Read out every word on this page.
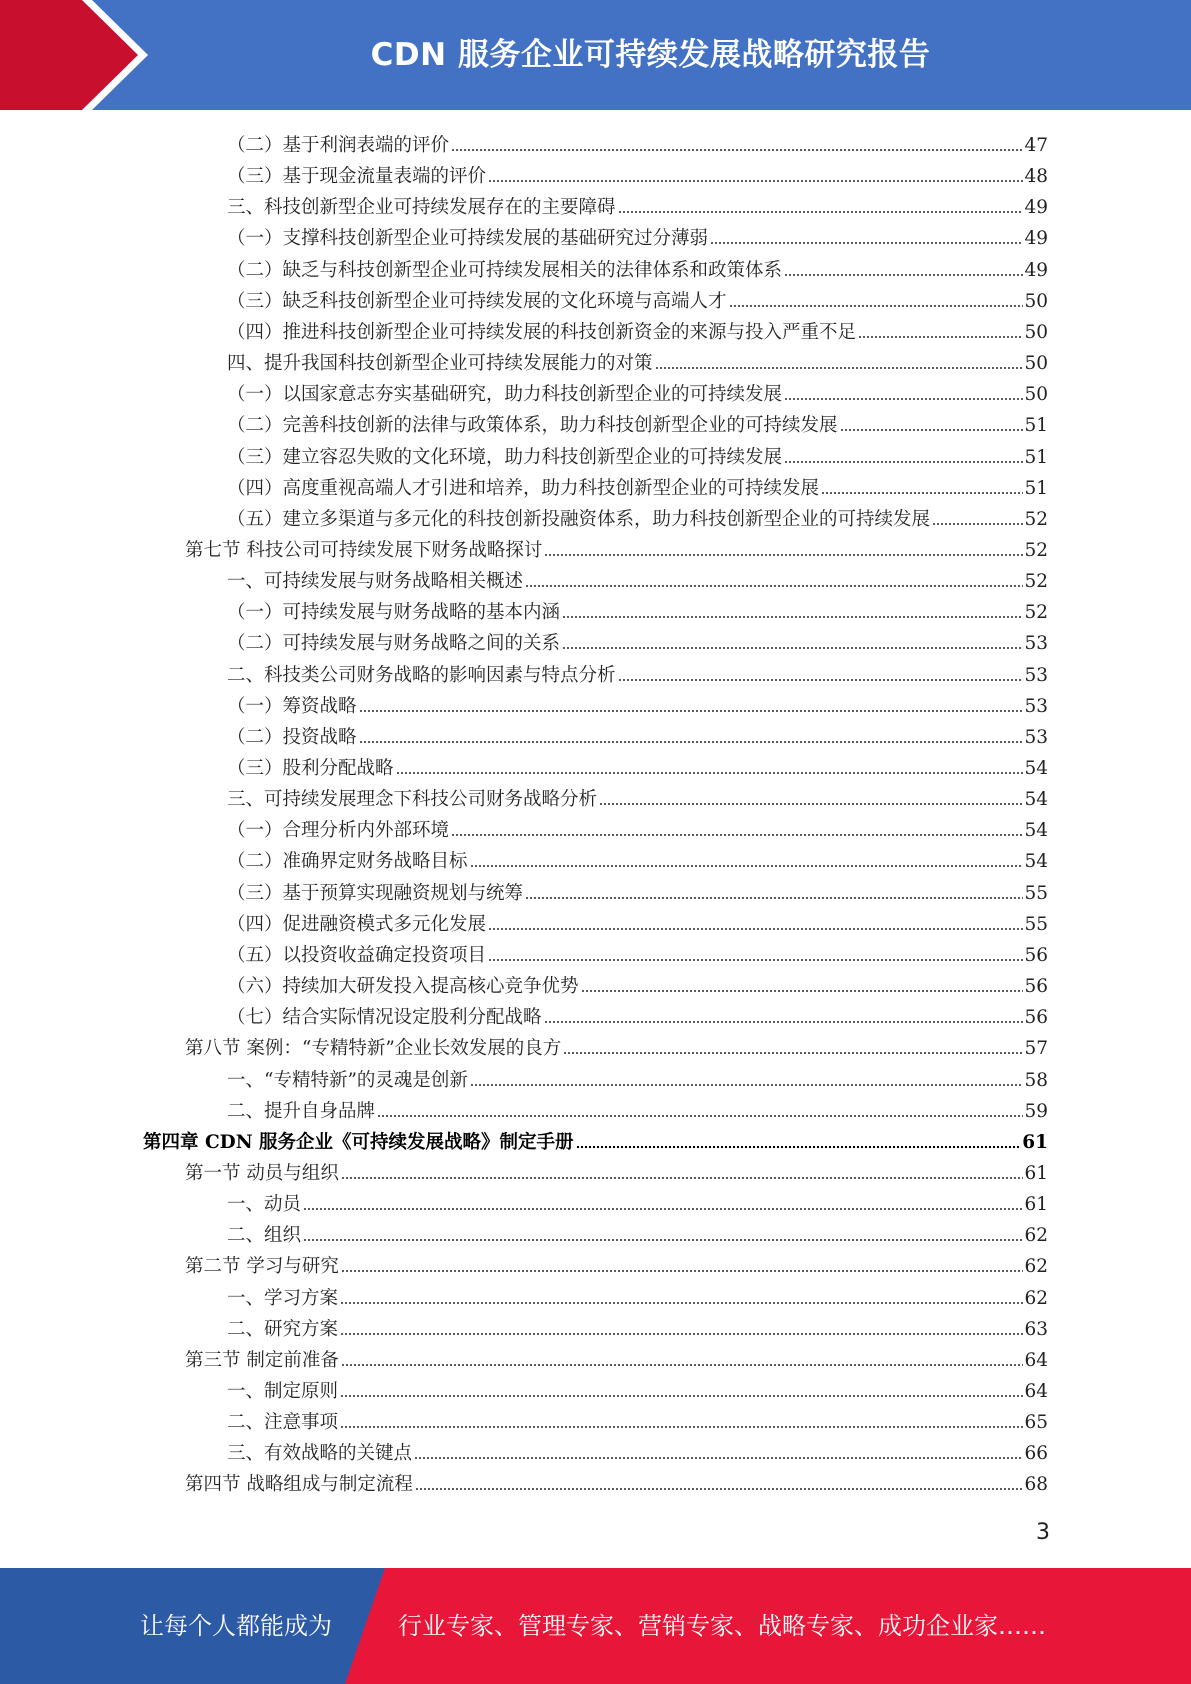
CDN 服务企业可持续发展战略研究报告
（二）基于利润表端的评价	47
（三）基于现金流量表端的评价	48
三、科技创新型企业可持续发展存在的主要障碍	49
（一）支撑科技创新型企业可持续发展的基础研究过分薄弱	49
（二）缺乏与科技创新型企业可持续发展相关的法律体系和政策体系	49
（三）缺乏科技创新型企业可持续发展的文化环境与高端人才	50
（四）推进科技创新型企业可持续发展的科技创新资金的来源与投入严重不足	50
四、提升我国科技创新型企业可持续发展能力的对策	50
（一）以国家意志夯实基础研究，助力科技创新型企业的可持续发展	50
（二）完善科技创新的法律与政策体系，助力科技创新型企业的可持续发展	51
（三）建立容忍失败的文化环境，助力科技创新型企业的可持续发展	51
（四）高度重视高端人才引进和培养，助力科技创新型企业的可持续发展	51
（五）建立多渠道与多元化的科技创新投融资体系，助力科技创新型企业的可持续发展	52
第七节 科技公司可持续发展下财务战略探讨	52
一、可持续发展与财务战略相关概述	52
（一）可持续发展与财务战略的基本内涵	52
（二）可持续发展与财务战略之间的关系	53
二、科技类公司财务战略的影响因素与特点分析	53
（一）筹资战略	53
（二）投资战略	53
（三）股利分配战略	54
三、可持续发展理念下科技公司财务战略分析	54
（一）合理分析内外部环境	54
（二）准确界定财务战略目标	54
（三）基于预算实现融资规划与统筹	55
（四）促进融资模式多元化发展	55
（五）以投资收益确定投资项目	56
（六）持续加大研发投入提高核心竞争优势	56
（七）结合实际情况设定股利分配战略	56
第八节 案例：“专精特新”企业长效发展的良方	57
一、“专精特新”的灵魂是创新	58
二、提升自身品牌	59
第四章 CDN 服务企业《可持续发展战略》制定手册	61
第一节 动员与组织	61
一、动员	61
二、组织	62
第二节 学习与研究	62
一、学习方案	62
二、研究方案	63
第三节 制定前准备	64
一、制定原则	64
二、注意事项	65
三、有效战略的关键点	66
第四节 战略组成与制定流程	68
3
让每个人都能成为	行业专家、管理专家、营销专家、战略专家、成功企业家……
